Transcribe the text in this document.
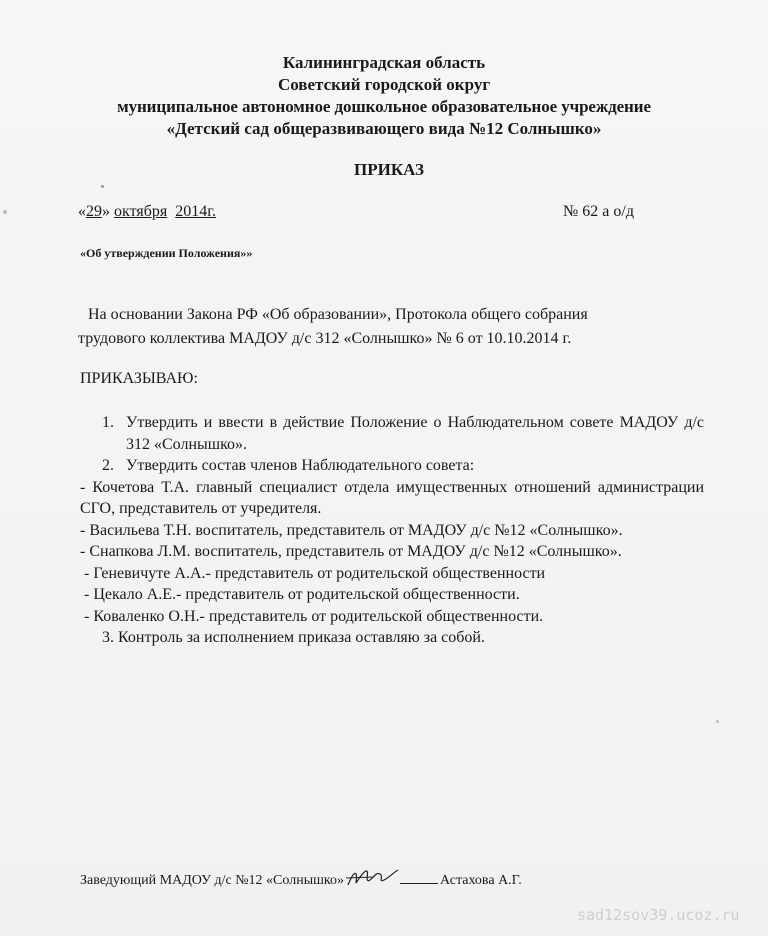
Калининградская область
Советский городской округ
муниципальное автономное дошкольное образовательное учреждение
«Детский сад общеразвивающего вида №12 Солнышко»
ПРИКАЗ
«29» октября 2014г.	№ 62 а о/д
«Об утверждении Положения»»

На основании Закона РФ «Об образовании», Протокола общего собрания

трудового коллектива МАДОУ д/с 312 «Солнышко» № 6 от 10.10.2014 г.

ПРИКАЗЫВАЮ:
1. Утвердить и ввести в действие Положение о Наблюдательном совете МАДОУ д/с 312 «Солнышко».
2. Утвердить состав членов Наблюдательного совета:
- Кочетова Т.А. главный специалист отдела имущественных отношений администрации СГО, представитель от учредителя.
- Васильева Т.Н. воспитатель, представитель от МАДОУ д/с №12 «Солнышко».
- Снапкова Л.М. воспитатель, представитель от МАДОУ д/с №12 «Солнышко».
- Геневичуте А.А.- представитель от родительской общественности
- Цекало А.Е.- представитель от родительской общественности.
- Коваленко О.Н.- представитель от родительской общественности.
3. Контроль за исполнением приказа оставляю за собой.
Заведующий МАДОУ д/с №12 «Солнышко»	Астахова А.Г.
sad12sov39.ucoz.ru
